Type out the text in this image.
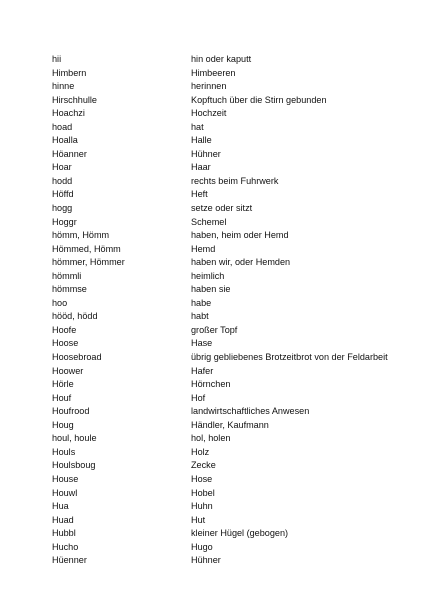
hii	hin oder kaputt
Himbern	Himbeeren
hinne	herinnen
Hirschhulle	Kopftuch über die Stirn gebunden
Hoachzi	Hochzeit
hoad	hat
Hoalla	Halle
Höanner	Hühner
Hoar	Haar
hodd	rechts beim Fuhrwerk
Höffd	Heft
hogg	setze oder sitzt
Hoggr	Schemel
hömm, Hömm	haben, heim oder Hemd
Hömmed, Hömm	Hemd
hömmer, Hömmer	haben wir, oder Hemden
hömmli	heimlich
hömmse	haben sie
hoo	habe
hööd, hödd	habt
Hoofe	großer Topf
Hoose	Hase
Hoosebroad	übrig gebliebenes Brotzeitbrot von der Feldarbeit
Hoower	Hafer
Hörle	Hörnchen
Houf	Hof
Houfrood	landwirtschaftliches Anwesen
Houg	Händler, Kaufmann
houl, houle	hol, holen
Houls	Holz
Houlsboug	Zecke
House	Hose
Houwl	Hobel
Hua	Huhn
Huad	Hut
Hubbl	kleiner Hügel (gebogen)
Hucho	Hugo
Hüenner	Hühner
